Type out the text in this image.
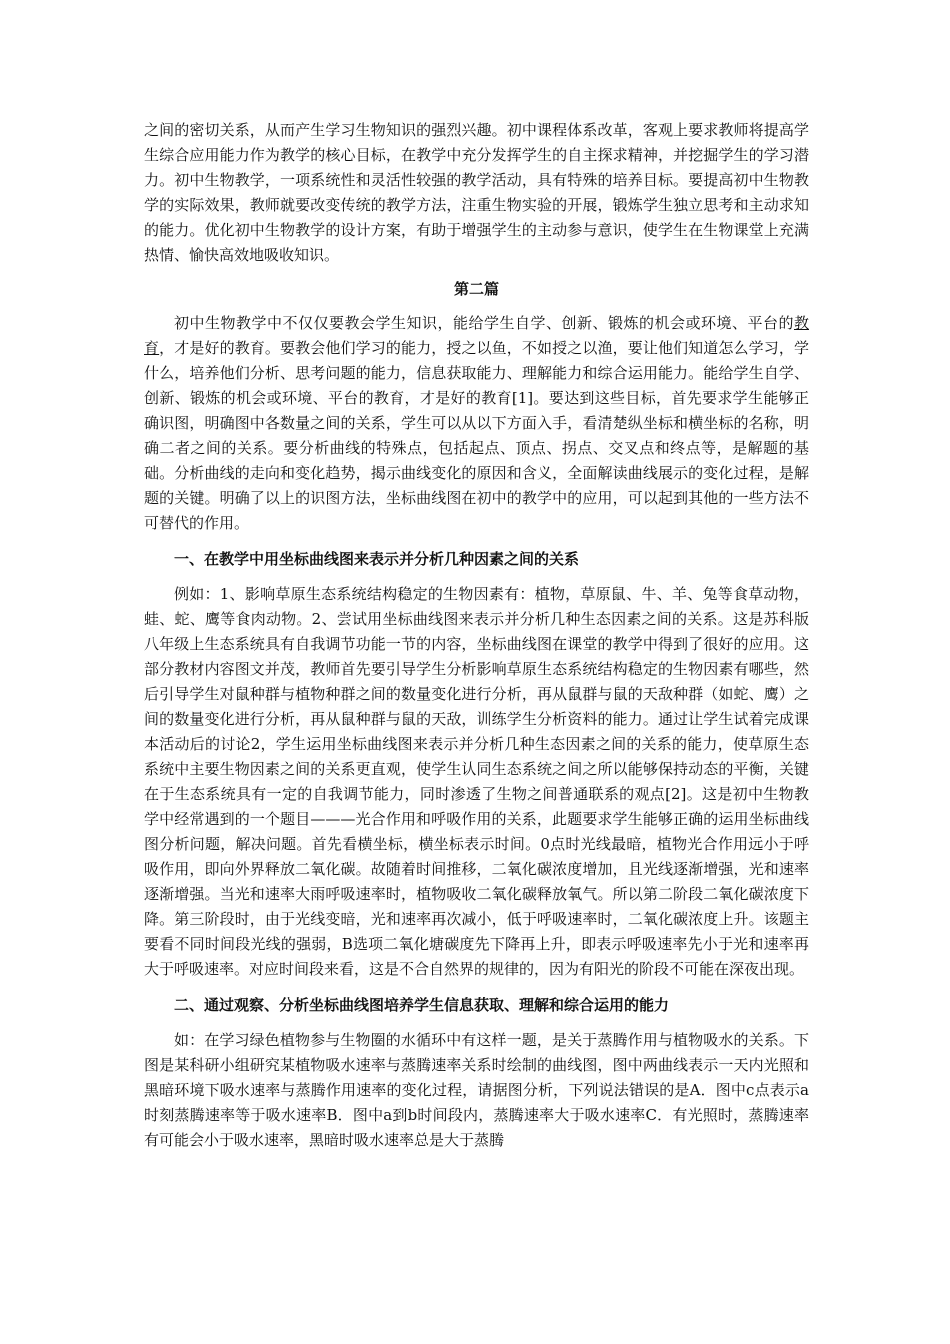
之间的密切关系，从而产生学习生物知识的强烈兴趣。初中课程体系改革，客观上要求教师将提高学生综合应用能力作为教学的核心目标，在教学中充分发挥学生的自主探求精神，并挖掘学生的学习潜力。初中生物教学，一项系统性和灵活性较强的教学活动，具有特殊的培养目标。要提高初中生物教学的实际效果，教师就要改变传统的教学方法，注重生物实验的开展，锻炼学生独立思考和主动求知的能力。优化初中生物教学的设计方案，有助于增强学生的主动参与意识，使学生在生物课堂上充满热情、愉快高效地吸收知识。

第二篇

初中生物教学中不仅仅要教会学生知识，能给学生自学、创新、锻炼的机会或环境、平台的教育，才是好的教育。要教会他们学习的能力，授之以鱼，不如授之以渔，要让他们知道怎么学习，学什么，培养他们分析、思考问题的能力，信息获取能力、理解能力和综合运用能力。能给学生自学、创新、锻炼的机会或环境、平台的教育，才是好的教育[1]。要达到这些目标，首先要求学生能够正确识图，明确图中各数量之间的关系，学生可以从以下方面入手，看清楚纵坐标和横坐标的名称，明确二者之间的关系。要分析曲线的特殊点，包括起点、顶点、拐点、交叉点和终点等，是解题的基础。分析曲线的走向和变化趋势，揭示曲线变化的原因和含义，全面解读曲线展示的变化过程，是解题的关键。明确了以上的识图方法，坐标曲线图在初中的教学中的应用，可以起到其他的一些方法不可替代的作用。

一、在教学中用坐标曲线图来表示并分析几种因素之间的关系

例如：1、影响草原生态系统结构稳定的生物因素有：植物，草原鼠、牛、羊、兔等食草动物，蛙、蛇、鹰等食肉动物。2、尝试用坐标曲线图来表示并分析几种生态因素之间的关系。这是苏科版八年级上生态系统具有自我调节功能一节的内容，坐标曲线图在课堂的教学中得到了很好的应用。这部分教材内容图文并茂，教师首先要引导学生分析影响草原生态系统结构稳定的生物因素有哪些，然后引导学生对鼠种群与植物种群之间的数量变化进行分析，再从鼠群与鼠的天敌种群（如蛇、鹰）之间的数量变化进行分析，再从鼠种群与鼠的天敌，训练学生分析资料的能力。通过让学生试着完成课本活动后的讨论2，学生运用坐标曲线图来表示并分析几种生态因素之间的关系的能力，使草原生态系统中主要生物因素之间的关系更直观，使学生认同生态系统之间之所以能够保持动态的平衡，关键在于生态系统具有一定的自我调节能力，同时渗透了生物之间普通联系的观点[2]。这是初中生物教学中经常遇到的一个题目———光合作用和呼吸作用的关系，此题要求学生能够正确的运用坐标曲线图分析问题，解决问题。首先看横坐标，横坐标表示时间。0点时光线最暗，植物光合作用远小于呼吸作用，即向外界释放二氧化碳。故随着时间推移，二氧化碳浓度增加，且光线逐渐增强，光和速率逐渐增强。当光和速率大雨呼吸速率时，植物吸收二氧化碳释放氧气。所以第二阶段二氧化碳浓度下降。第三阶段时，由于光线变暗，光和速率再次减小，低于呼吸速率时，二氧化碳浓度上升。该题主要看不同时间段光线的强弱，B选项二氧化塘碳度先下降再上升，即表示呼吸速率先小于光和速率再大于呼吸速率。对应时间段来看，这是不合自然界的规律的，因为有阳光的阶段不可能在深夜出现。

二、通过观察、分析坐标曲线图培养学生信息获取、理解和综合运用的能力

如：在学习绿色植物参与生物圈的水循环中有这样一题，是关于蒸腾作用与植物吸水的关系。下图是某科研小组研究某植物吸水速率与蒸腾速率关系时绘制的曲线图，图中两曲线表示一天内光照和黑暗环境下吸水速率与蒸腾作用速率的变化过程，请据图分析，下列说法错误的是A．图中c点表示a时刻蒸腾速率等于吸水速率B．图中a到b时间段内，蒸腾速率大于吸水速率C．有光照时，蒸腾速率有可能会小于吸水速率，黑暗时吸水速率总是大于蒸腾
